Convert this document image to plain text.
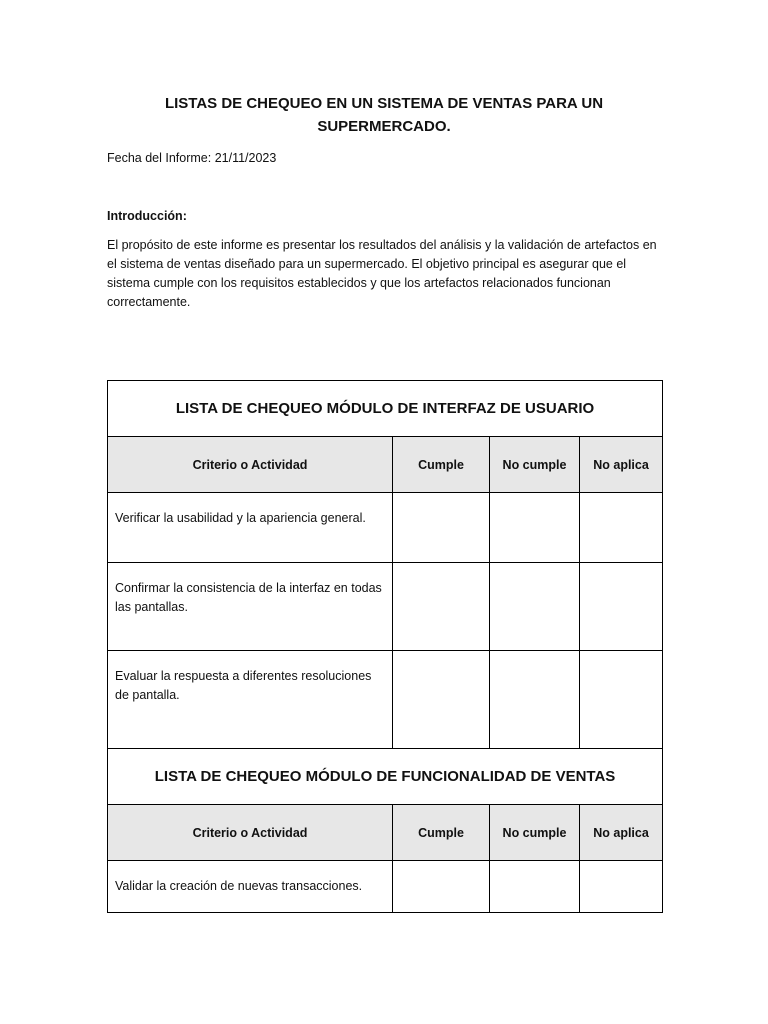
LISTAS DE CHEQUEO EN UN SISTEMA DE VENTAS PARA UN SUPERMERCADO.

Fecha del Informe: 21/11/2023

Introducción:

El propósito de este informe es presentar los resultados del análisis y la validación de artefactos en el sistema de ventas diseñado para un supermercado. El objetivo principal es asegurar que el sistema cumple con los requisitos establecidos y que los artefactos relacionados funcionan correctamente.

LISTA DE CHEQUEO MÓDULO DE INTERFAZ DE USUARIO			
Criterio o Actividad	Cumple	No cumple	No aplica
Verificar la usabilidad y la apariencia general.			
Confirmar la consistencia de la interfaz en todas las pantallas.			
Evaluar la respuesta a diferentes resoluciones de pantalla.			
LISTA DE CHEQUEO MÓDULO DE FUNCIONALIDAD DE VENTAS			
Criterio o Actividad	Cumple	No cumple	No aplica
Validar la creación de nuevas transacciones.			
